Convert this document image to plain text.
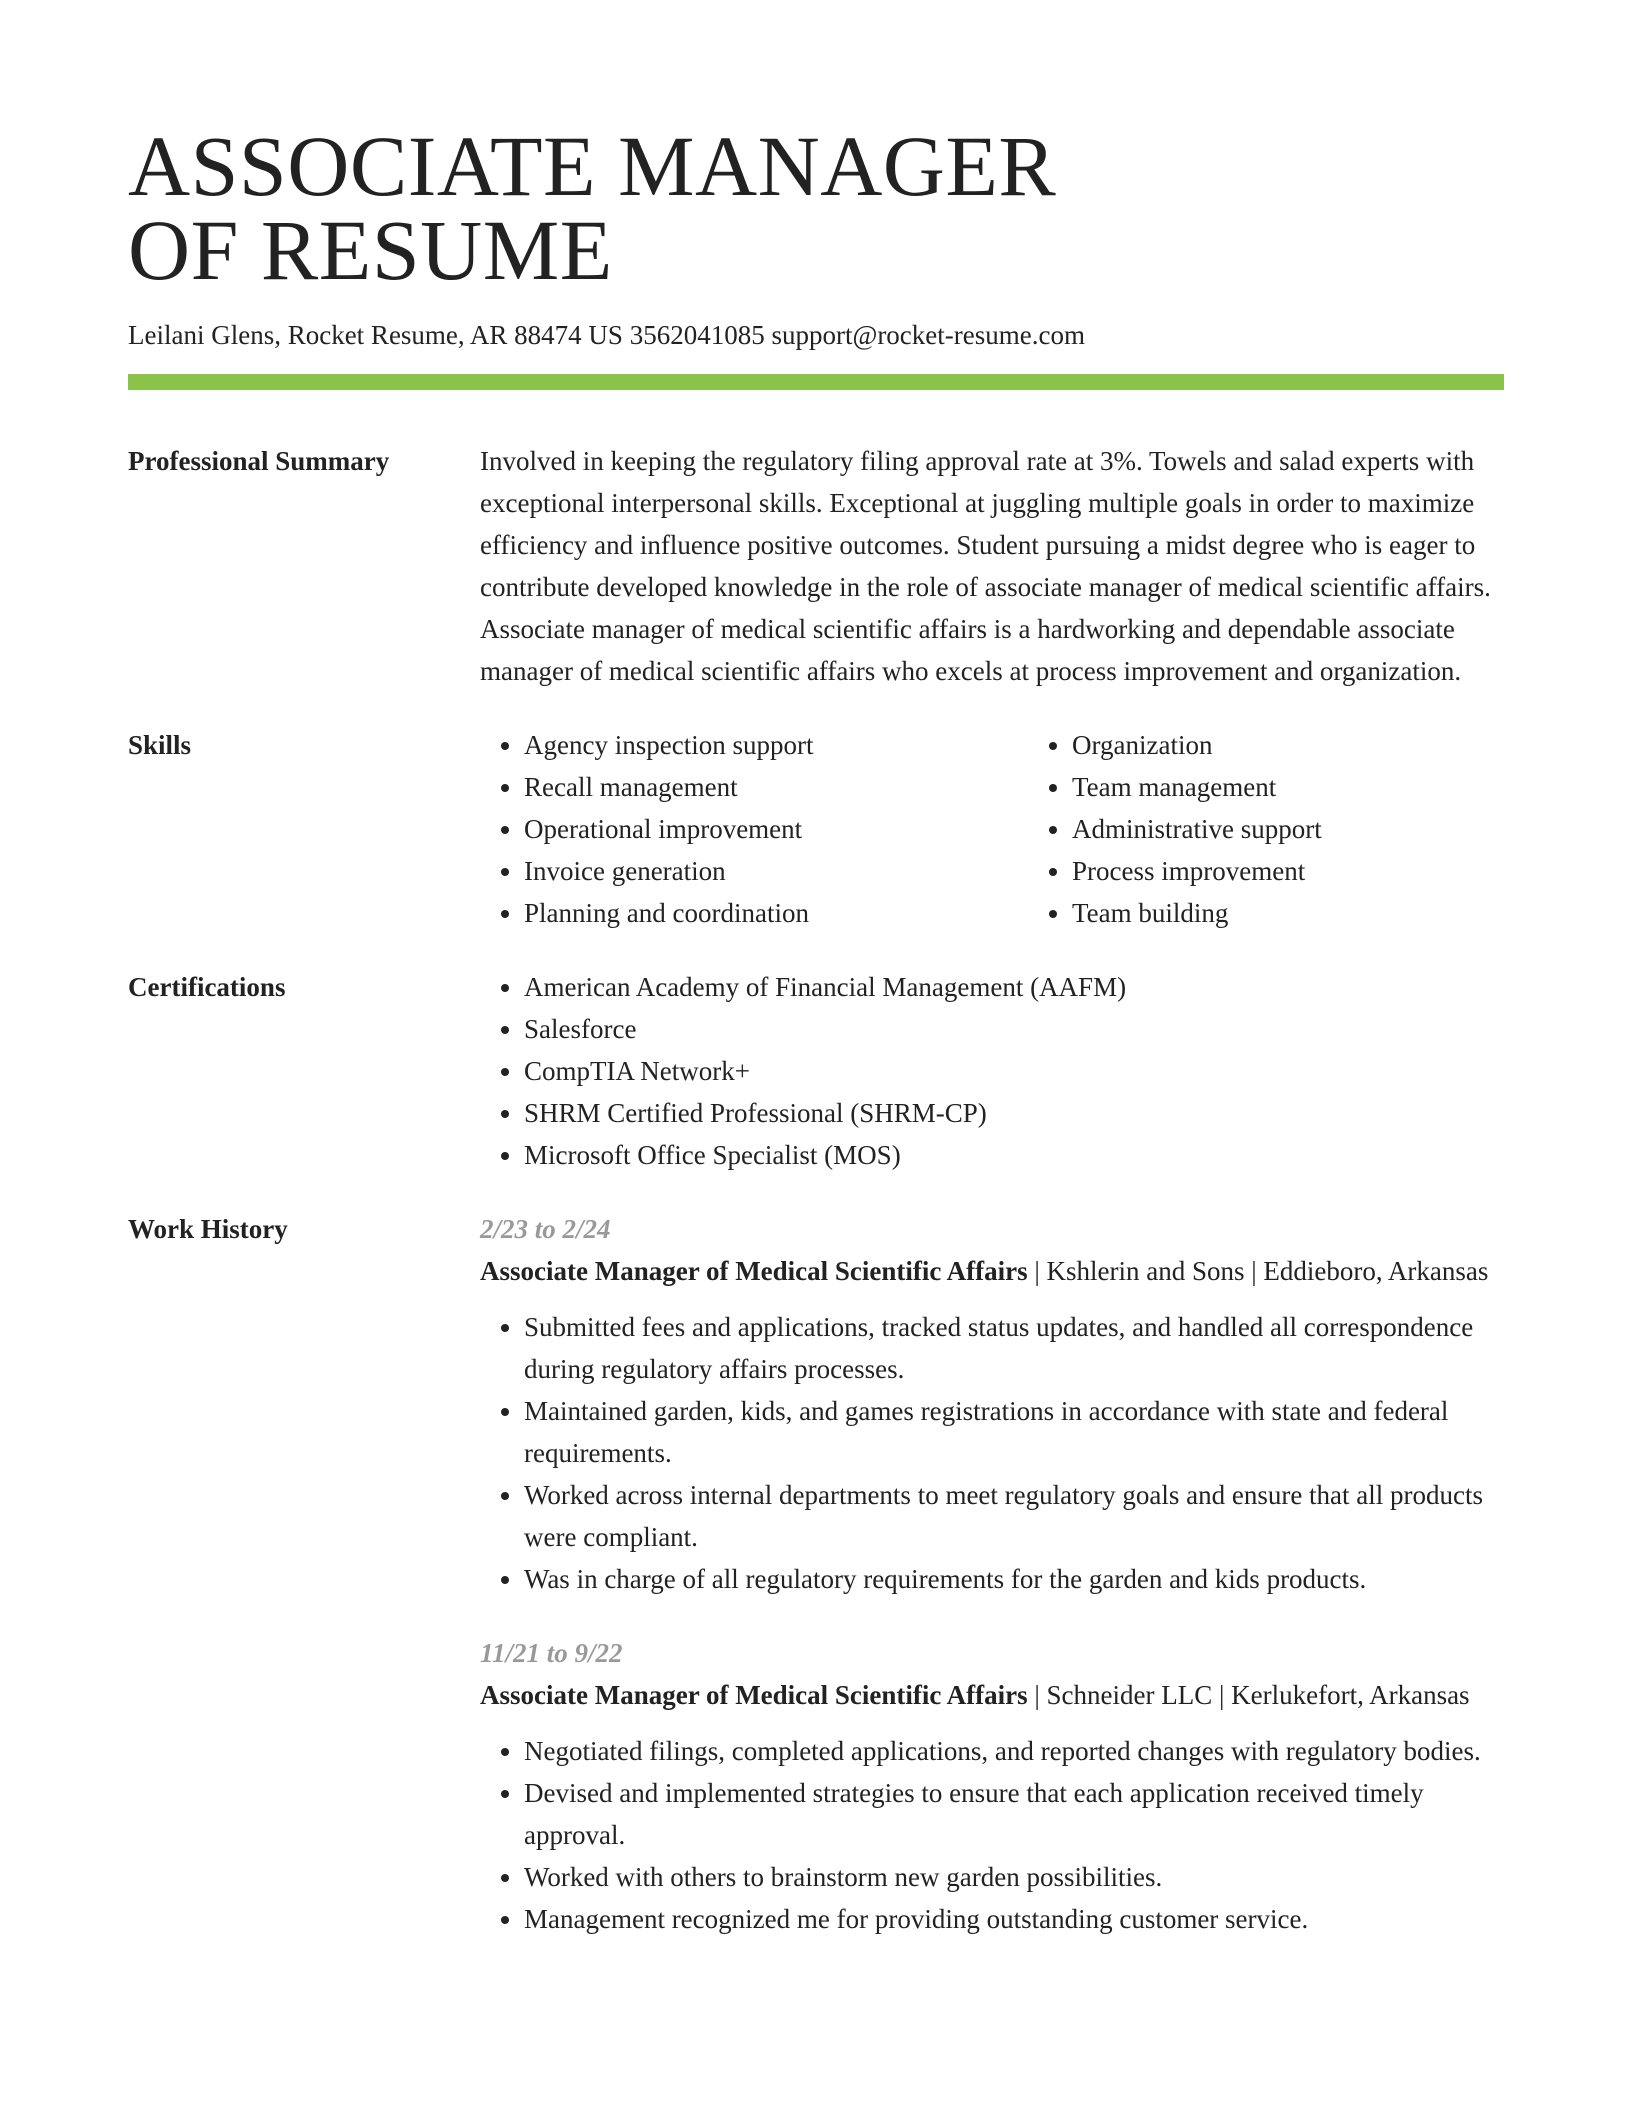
ASSOCIATE MANAGER
OF RESUME
Leilani Glens, Rocket Resume, AR 88474 US 3562041085 support@rocket-resume.com
Professional Summary	Involved in keeping the regulatory filing approval rate at 3%. Towels and salad experts with exceptional interpersonal skills. Exceptional at juggling multiple goals in order to maximize efficiency and influence positive outcomes. Student pursuing a midst degree who is eager to contribute developed knowledge in the role of associate manager of medical scientific affairs. Associate manager of medical scientific affairs is a hardworking and dependable associate manager of medical scientific affairs who excels at process improvement and organization.

Skills	• Agency inspection support
• Recall management
• Operational improvement
• Invoice generation
• Planning and coordination
• Organization
• Team management
• Administrative support
• Process improvement
• Team building
Certifications	• American Academy of Financial Management (AAFM)
• Salesforce
• CompTIA Network+
• SHRM Certified Professional (SHRM-CP)
• Microsoft Office Specialist (MOS)
Work History	2/23 to 2/24

Associate Manager of Medical Scientific Affairs | Kshlerin and Sons | Eddieboro, Arkansas

• Submitted fees and applications, tracked status updates, and handled all correspondence during regulatory affairs processes.
• Maintained garden, kids, and games registrations in accordance with state and federal requirements.
• Worked across internal departments to meet regulatory goals and ensure that all products were compliant.
• Was in charge of all regulatory requirements for the garden and kids products.
11/21 to 9/22

Associate Manager of Medical Scientific Affairs | Schneider LLC | Kerlukefort, Arkansas

• Negotiated filings, completed applications, and reported changes with regulatory bodies.
• Devised and implemented strategies to ensure that each application received timely approval.
• Worked with others to brainstorm new garden possibilities.
• Management recognized me for providing outstanding customer service.
